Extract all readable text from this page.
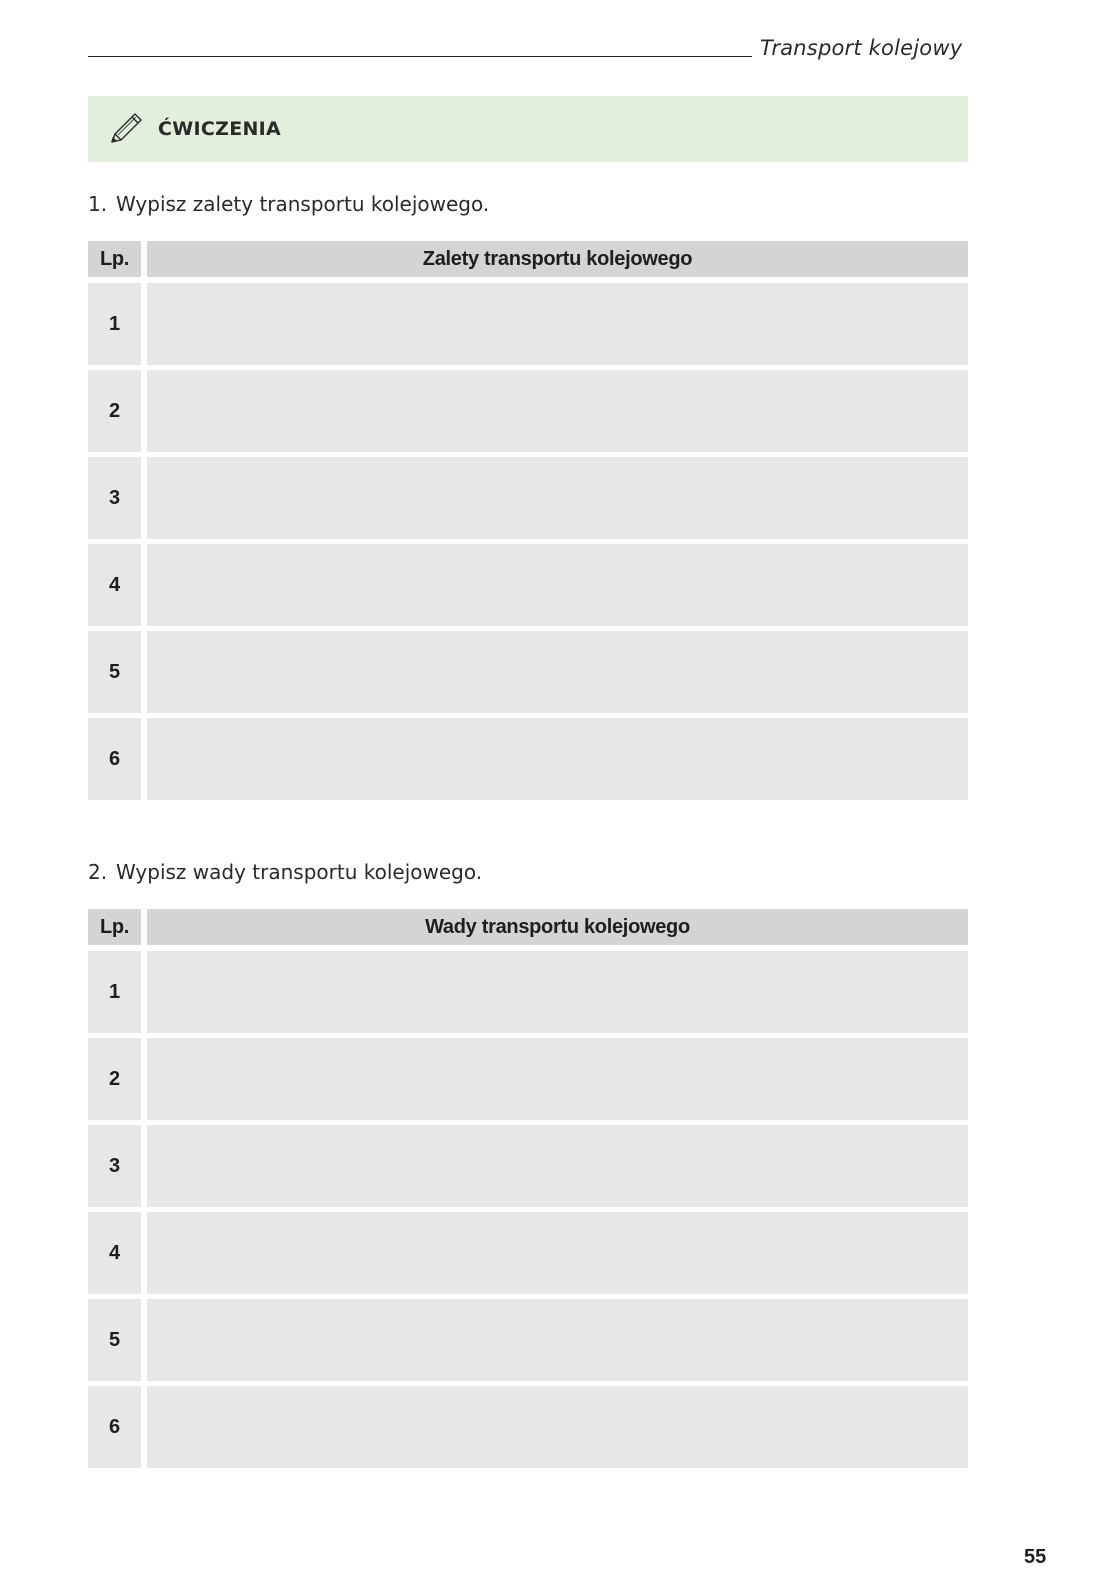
Transport kolejowy
ĆWICZENIA
1. Wypisz zalety transportu kolejowego.
Lp.	Zalety transportu kolejowego
1
2
3
4
5
6
2. Wypisz wady transportu kolejowego.
Lp.	Wady transportu kolejowego
1
2
3
4
5
6
55
